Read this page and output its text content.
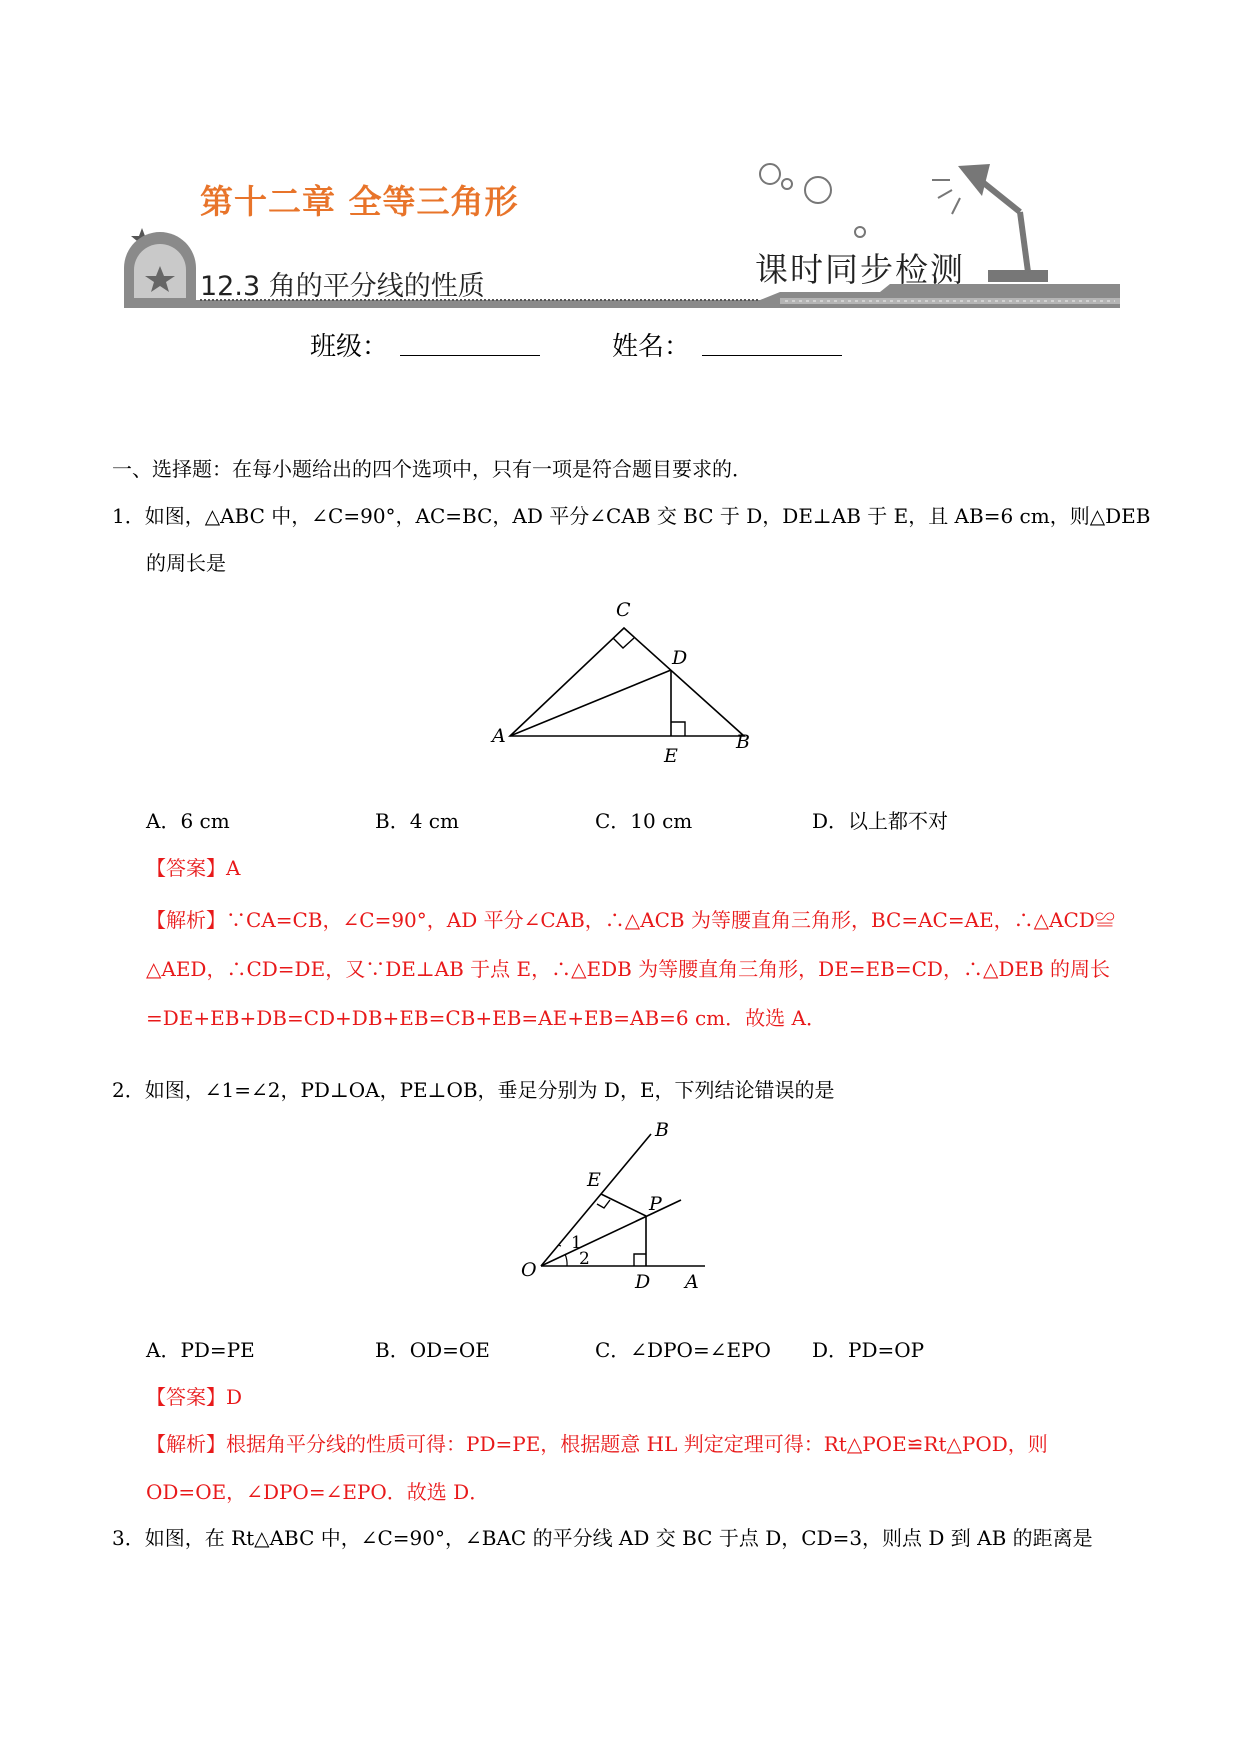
第十二章 全等三角形
12.3 角的平分线的性质	课时同步检测
班级：	姓名：
一、选择题：在每小题给出的四个选项中，只有一项是符合题目要求的．
1．如图，△ABC 中，∠C=90°，AC=BC，AD 平分∠CAB 交 BC 于 D，DE⊥AB 于 E，且 AB=6 cm，则△DEB
的周长是
C
D
A
E
B
A．6 cm	B．4 cm	C．10 cm	D．以上都不对
【答案】A
【解析】∵CA=CB，∠C=90°，AD 平分∠CAB，∴△ACB 为等腰直角三角形，BC=AC=AE，∴△ACD≌
△AED，∴CD=DE，又∵DE⊥AB 于点 E，∴△EDB 为等腰直角三角形，DE=EB=CD，∴△DEB 的周长
=DE+EB+DB=CD+DB+EB=CB+EB=AE+EB=AB=6 cm．故选 A．
2．如图，∠1=∠2，PD⊥OA，PE⊥OB，垂足分别为 D，E，下列结论错误的是
B
E
P
1
2
O
D A
A．PD=PE	B．OD=OE	C．∠DPO=∠EPO D．PD=OP
【答案】D
【解析】根据角平分线的性质可得：PD=PE，根据题意 HL 判定定理可得：Rt△POE≌Rt△POD，则
OD=OE，∠DPO=∠EPO．故选 D．
3．如图，在 Rt△ABC 中，∠C=90°，∠BAC 的平分线 AD 交 BC 于点 D，CD=3，则点 D 到 AB 的距离是
